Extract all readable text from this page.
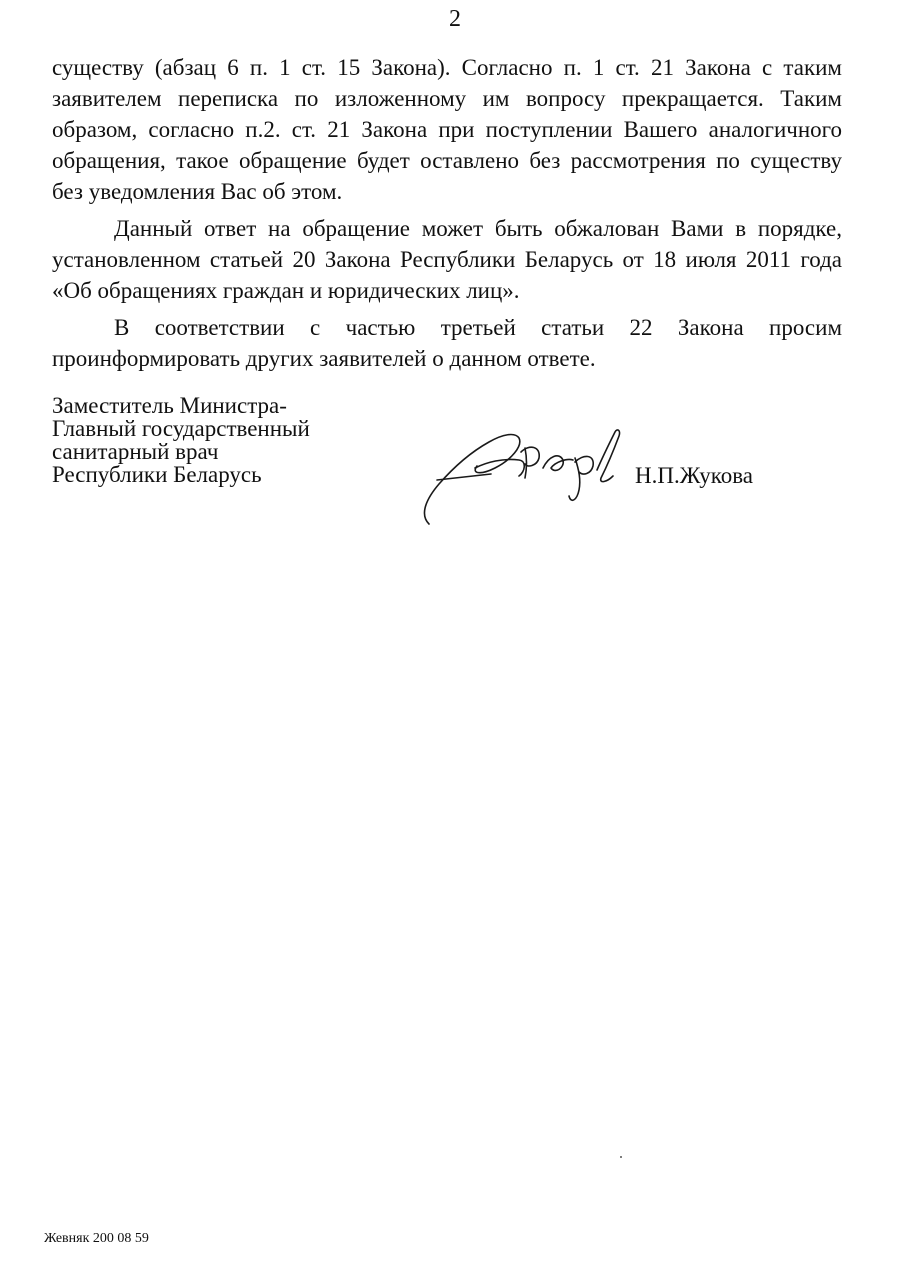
2

существу (абзац 6 п. 1 ст. 15 Закона). Согласно п. 1 ст. 21 Закона с таким заявителем переписка по изложенному им вопросу прекращается. Таким образом, согласно п.2. ст. 21 Закона при поступлении Вашего аналогичного обращения, такое обращение будет оставлено без рассмотрения по существу без уведомления Вас об этом.

Данный ответ на обращение может быть обжалован Вами в порядке, установленном статьей 20 Закона Республики Беларусь от 18 июля 2011 года «Об обращениях граждан и юридических лиц».

В соответствии с частью третьей статьи 22 Закона просим проинформировать других заявителей о данном ответе.

Заместитель Министра-
Главный государственный
санитарный врач
Республики Беларусь	Н.П.Жукова
Жевняк 200 08 59
